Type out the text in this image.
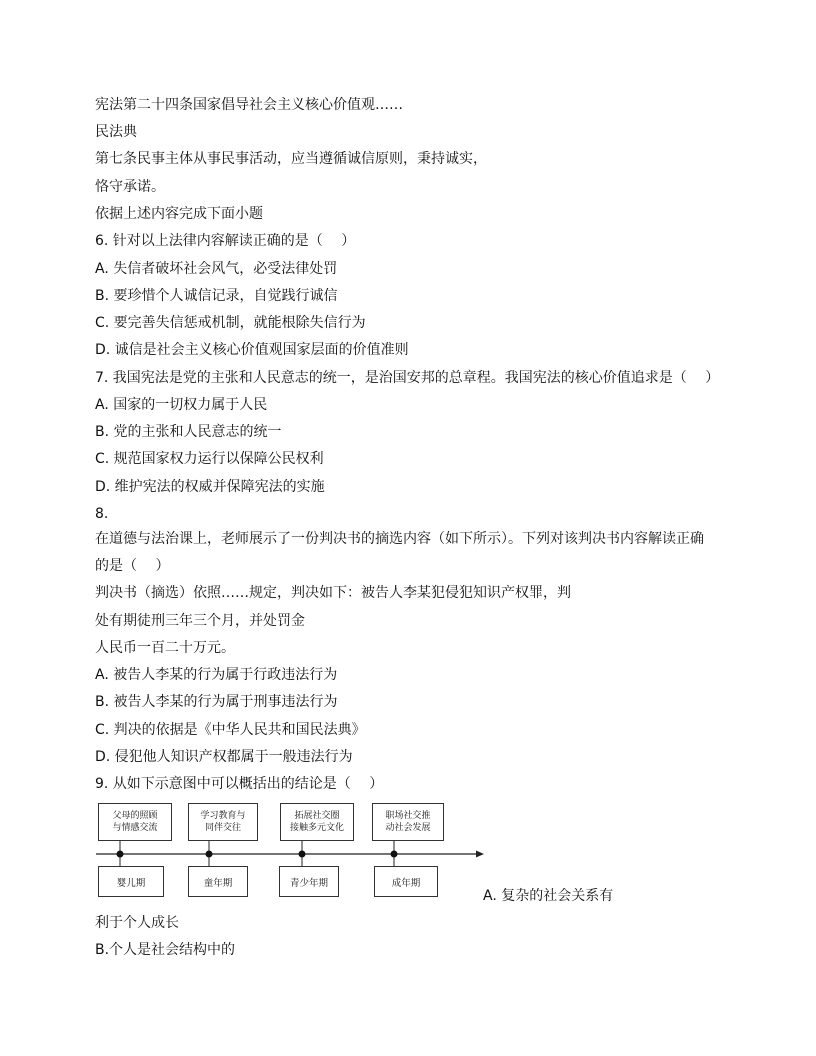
宪法第二十四条国家倡导社会主义核心价值观……
民法典
第七条民事主体从事民事活动，应当遵循诚信原则，秉持诚实，
恪守承诺。
依据上述内容完成下面小题
6. 针对以上法律内容解读正确的是（　 ）
A. 失信者破坏社会风气，必受法律处罚
B. 要珍惜个人诚信记录，自觉践行诚信
C. 要完善失信惩戒机制，就能根除失信行为
D. 诚信是社会主义核心价值观国家层面的价值准则
7. 我国宪法是党的主张和人民意志的统一，是治国安邦的总章程。我国宪法的核心价值追求是（　 ）
A. 国家的一切权力属于人民
B. 党的主张和人民意志的统一
C. 规范国家权力运行以保障公民权利
D. 维护宪法的权威并保障宪法的实施
8.
在道德与法治课上，老师展示了一份判决书的摘选内容（如下所示）。下列对该判决书内容解读正确
的是（　 ）
判决书（摘选）依照……规定，判决如下：被告人李某犯侵犯知识产权罪，判
处有期徒刑三年三个月，并处罚金
人民币一百二十万元。
A. 被告人李某的行为属于行政违法行为
B. 被告人李某的行为属于刑事违法行为
C. 判决的依据是《中华人民共和国民法典》
D. 侵犯他人知识产权都属于一般违法行为
9. 从如下示意图中可以概括出的结论是（　 ）
父母的照顾
与情感交流
学习教育与
同伴交往
拓展社交圈
接触多元文化
职场社交推
动社会发展
婴儿期	童年期	青少年期	成年期
A. 复杂的社会关系有
利于个人成长
B.个人是社会结构中的
